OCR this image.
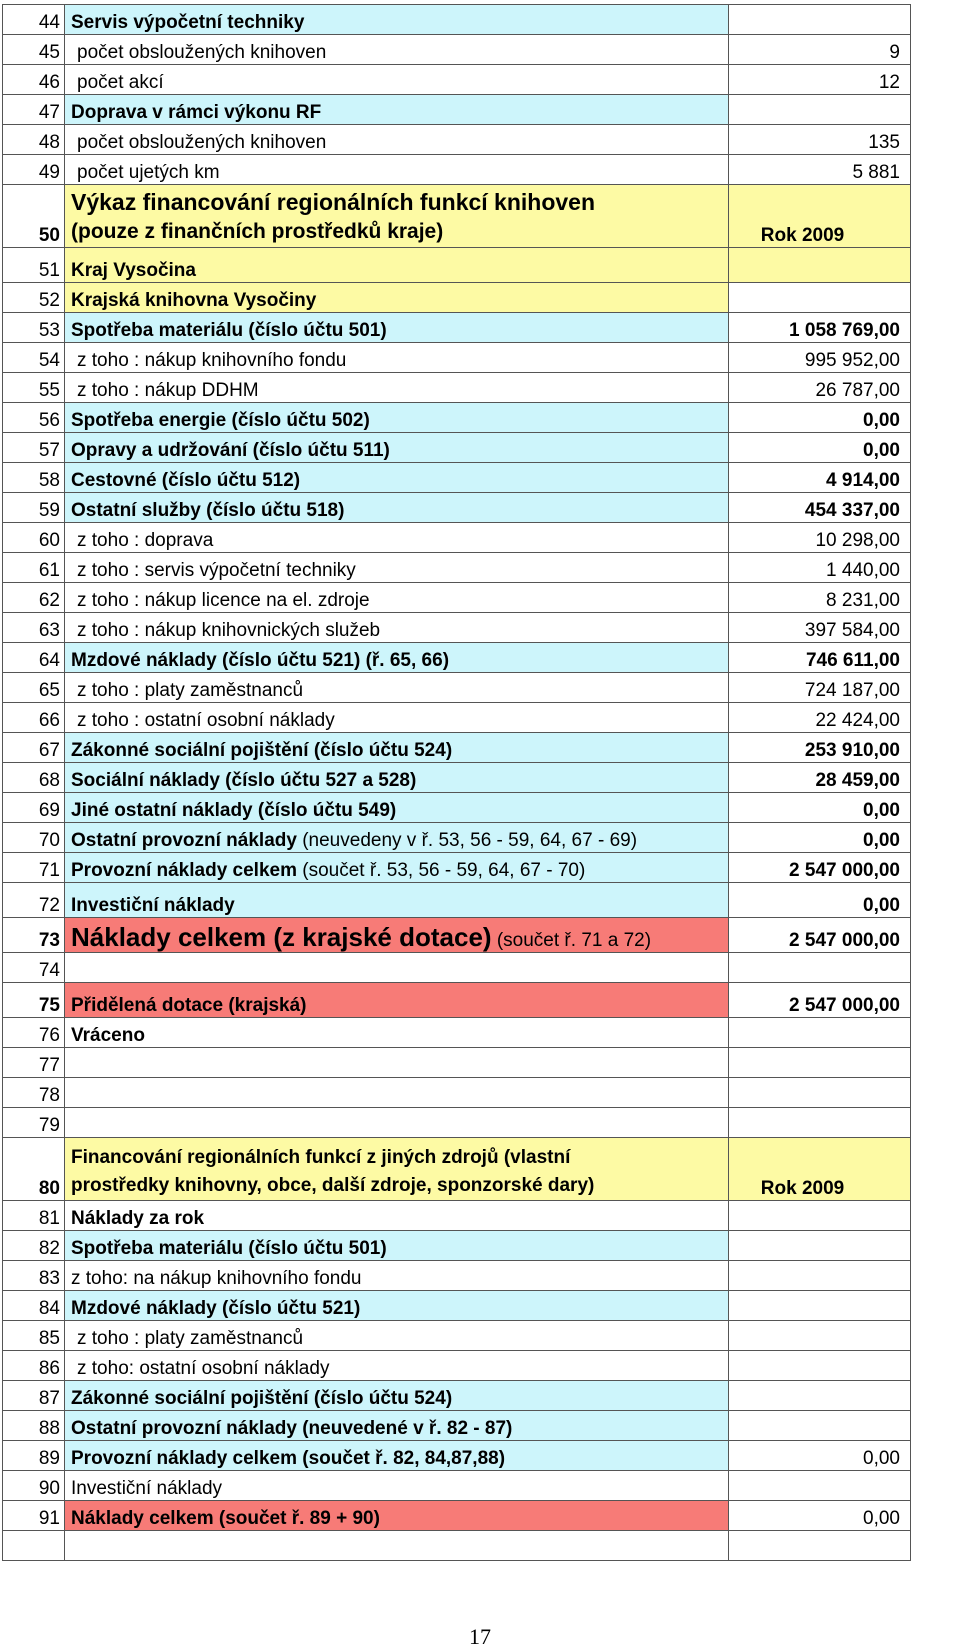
44	Servis výpočetní techniky	
45	počet obsloužených knihoven	9
46	počet akcí	12
47	Doprava v rámci výkonu RF	
48	počet obsloužených knihoven	135
49	počet ujetých km	5 881
50	Výkaz financování regionálních funkcí knihoven
(pouze z finančních prostředků kraje)	Rok 2009
51	Kraj Vysočina	
52	Krajská knihovna Vysočiny	
53	Spotřeba materiálu (číslo účtu 501)	1 058 769,00
54	z toho : nákup knihovního fondu	995 952,00
55	z toho : nákup DDHM	26 787,00
56	Spotřeba energie (číslo účtu 502)	0,00
57	Opravy a udržování (číslo účtu 511)	0,00
58	Cestovné (číslo účtu 512)	4 914,00
59	Ostatní služby (číslo účtu 518)	454 337,00
60	z toho : doprava	10 298,00
61	z toho : servis výpočetní techniky	1 440,00
62	z toho : nákup licence na el. zdroje	8 231,00
63	z toho : nákup knihovnických služeb	397 584,00
64	Mzdové náklady (číslo účtu 521) (ř. 65, 66)	746 611,00
65	z toho : platy zaměstnanců	724 187,00
66	z toho : ostatní osobní náklady	22 424,00
67	Zákonné sociální pojištění (číslo účtu 524)	253 910,00
68	Sociální náklady (číslo účtu 527 a 528)	28 459,00
69	Jiné ostatní náklady (číslo účtu 549)	0,00
70	Ostatní provozní náklady (neuvedeny v ř. 53, 56 - 59, 64, 67 - 69)	0,00
71	Provozní náklady celkem (součet ř. 53, 56 - 59, 64, 67 - 70)	2 547 000,00
72	Investiční náklady	0,00
73	Náklady celkem (z krajské dotace) (součet ř. 71 a 72)	2 547 000,00
74		
75	Přidělená dotace (krajská)	2 547 000,00
76	Vráceno	
77		
78		
79		
80	Financování regionálních funkcí z jiných zdrojů (vlastní
prostředky knihovny, obce, další zdroje, sponzorské dary)	Rok 2009
81	Náklady za rok	
82	Spotřeba materiálu (číslo účtu 501)	
83	z toho: na nákup knihovního fondu	
84	Mzdové náklady (číslo účtu 521)	
85	z toho : platy zaměstnanců	
86	z toho: ostatní osobní náklady	
87	Zákonné sociální pojištění (číslo účtu 524)	
88	Ostatní provozní náklady (neuvedené v ř. 82 - 87)	
89	Provozní náklady celkem (součet ř. 82, 84,87,88)	0,00
90	Investiční náklady	
91	Náklady celkem (součet ř. 89 + 90)	0,00

17
